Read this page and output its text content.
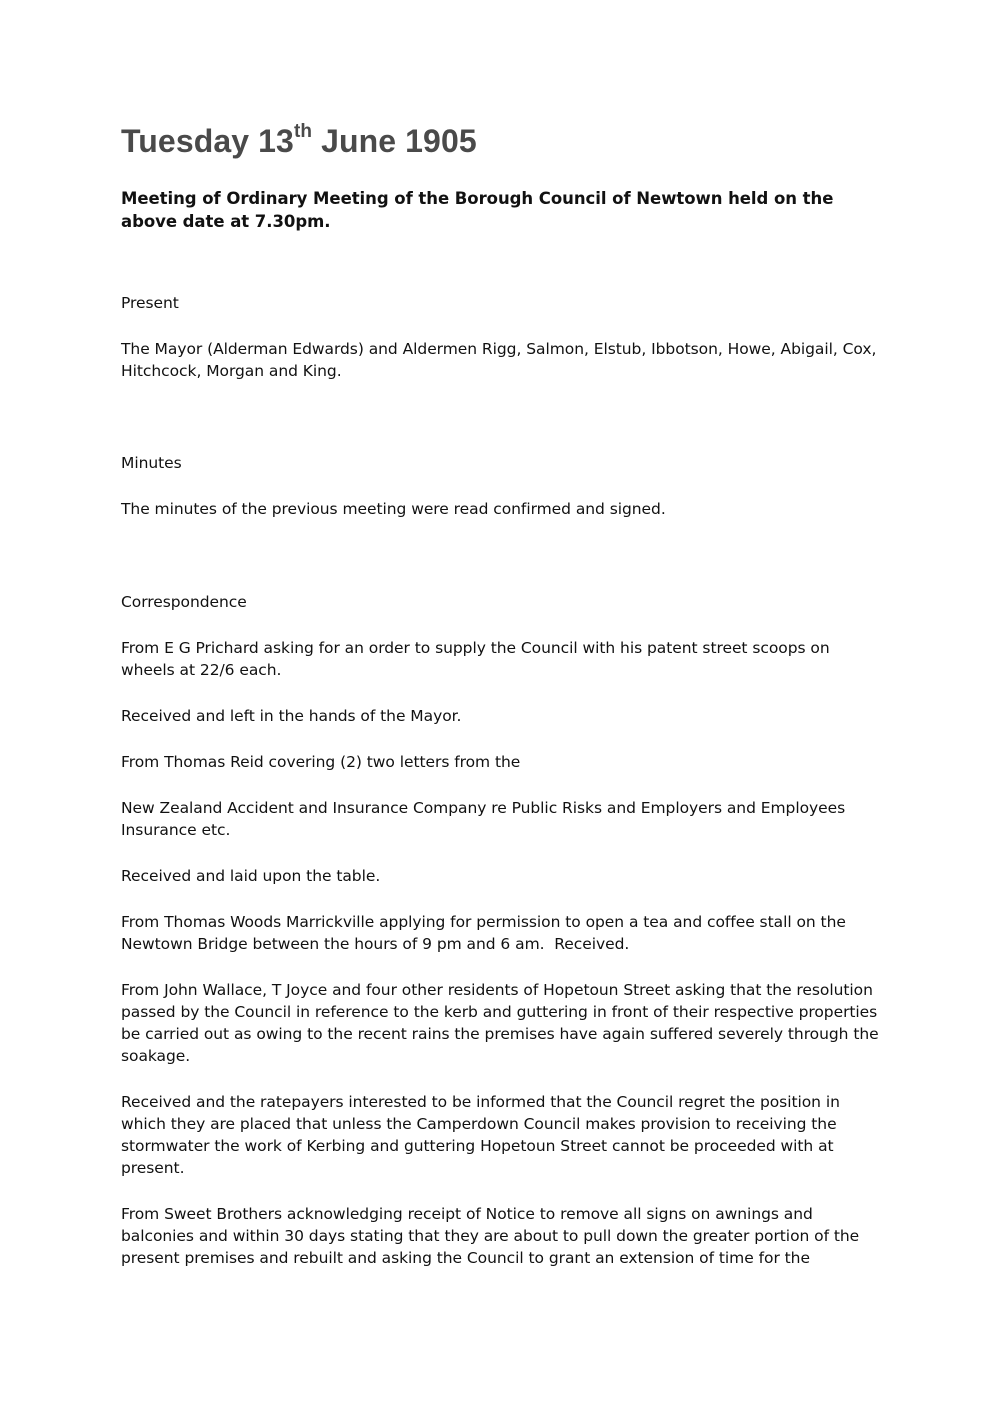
Tuesday 13th June 1905

Meeting of Ordinary Meeting of the Borough Council of Newtown held on the above date at 7.30pm.

Present

The Mayor (Alderman Edwards) and Aldermen Rigg, Salmon, Elstub, Ibbotson, Howe, Abigail, Cox, Hitchcock, Morgan and King.

Minutes

The minutes of the previous meeting were read confirmed and signed.

Correspondence

From E G Prichard asking for an order to supply the Council with his patent street scoops on wheels at 22/6 each.

Received and left in the hands of the Mayor.

From Thomas Reid covering (2) two letters from the

New Zealand Accident and Insurance Company re Public Risks and Employers and Employees Insurance etc.

Received and laid upon the table.

From Thomas Woods Marrickville applying for permission to open a tea and coffee stall on the Newtown Bridge between the hours of 9 pm and 6 am.  Received.

From John Wallace, T Joyce and four other residents of Hopetoun Street asking that the resolution passed by the Council in reference to the kerb and guttering in front of their respective properties be carried out as owing to the recent rains the premises have again suffered severely through the soakage.

Received and the ratepayers interested to be informed that the Council regret the position in which they are placed that unless the Camperdown Council makes provision to receiving the stormwater the work of Kerbing and guttering Hopetoun Street cannot be proceeded with at present.

From Sweet Brothers acknowledging receipt of Notice to remove all signs on awnings and balconies and within 30 days stating that they are about to pull down the greater portion of the present premises and rebuilt and asking the Council to grant an extension of time for the
